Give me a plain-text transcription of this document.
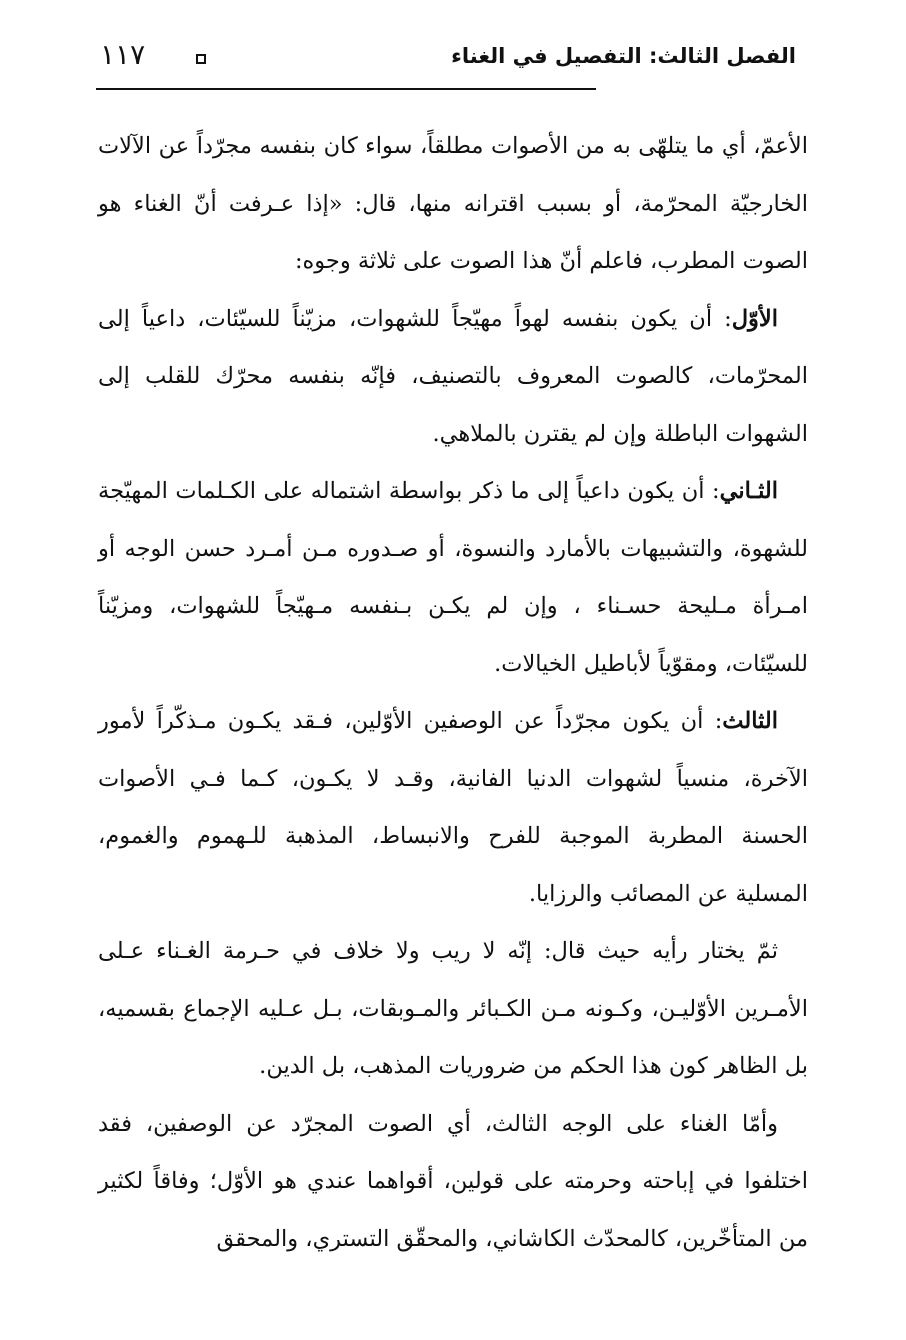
الفصل الثالث: التفصيل في الغناء
١١٧

الأعمّ، أي ما يتلهّى به من الأصوات مطلقاً، سواء كان بنفسه مجرّداً عن الآلات الخارجيّة المحرّمة، أو بسبب اقترانه منها، قال: «إذا عـرفت أنّ الغناء هو الصوت المطرب، فاعلم أنّ هذا الصوت على ثلاثة وجوه:

الأوّل: أن يكون بنفسه لهواً مهيّجاً للشهوات، مزيّناً للسيّئات، داعياً إلى المحرّمات، كالصوت المعروف بالتصنيف، فإنّه بنفسه محرّك للقلب إلى الشهوات الباطلة وإن لم يقترن بالملاهي.

الثـاني: أن يكون داعياً إلى ما ذكر بواسطة اشتماله على الكـلمات المهيّجة للشهوة، والتشبيهات بالأمارد والنسوة، أو صـدوره مـن أمـرد حسن الوجه أو امـرأة مـليحة حسـناء ، وإن لم يكـن بـنفسه مـهيّجاً للشهوات، ومزيّناً للسيّئات، ومقوّياً لأباطيل الخيالات.

الثالث: أن يكون مجرّداً عن الوصفين الأوّلين، فـقد يكـون مـذكّراً لأمور الآخرة، منسياً لشهوات الدنيا الفانية، وقـد لا يكـون، كـما فـي الأصوات الحسنة المطربة الموجبة للفرح والانبساط، المذهبة للـهموم والغموم، المسلية عن المصائب والرزايا.

ثمّ يختار رأيه حيث قال: إنّه لا ريب ولا خلاف في حـرمة الغـناء عـلى الأمـرين الأوّليـن، وكـونه مـن الكـبائر والمـوبقات، بـل عـليه الإجماع بقسميه، بل الظاهر كون هذا الحكم من ضروريات المذهب، بل الدين.

وأمّا الغناء على الوجه الثالث، أي الصوت المجرّد عن الوصفين، فقد اختلفوا في إباحته وحرمته على قولين، أقواهما عندي هو الأوّل؛ وفاقاً لكثير من المتأخّرين، كالمحدّث الكاشاني، والمحقّق التستري، والمحقق
